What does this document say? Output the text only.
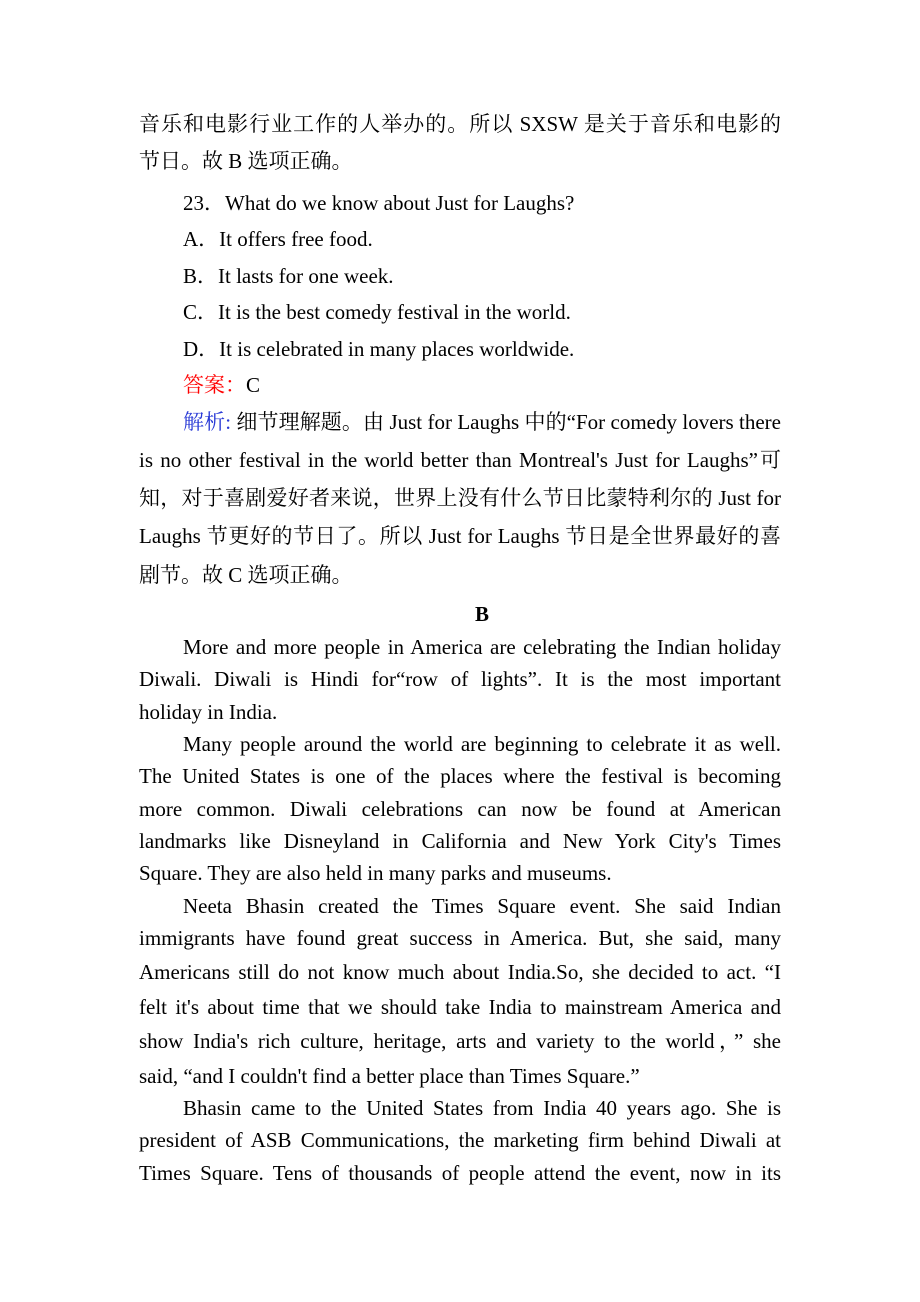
音乐和电影行业工作的人举办的。所以 SXSW 是关于音乐和电影的
节日。故 B 选项正确。
23．What do we know about Just for Laughs?
A．It offers free food.
B．It lasts for one week.
C．It is the best comedy festival in the world.
D．It is celebrated in many places worldwide.
答案：C
解析: 细节理解题。由 Just for Laughs 中的“For comedy lovers there
is no other festival in the world better than Montreal's Just for Laughs”可
知，对于喜剧爱好者来说，世界上没有什么节日比蒙特利尔的 Just for
Laughs 节更好的节日了。所以 Just for Laughs 节日是全世界最好的喜
剧节。故 C 选项正确。
B
More and more people in America are celebrating the Indian holiday
Diwali. Diwali is Hindi for“row of lights”. It is the most important
holiday in India.
Many people around the world are beginning to celebrate it as well.
The United States is one of the places where the festival is becoming
more common. Diwali celebrations can now be found at American
landmarks like Disneyland in California and New York City's Times
Square. They are also held in many parks and museums.
Neeta Bhasin created the Times Square event. She said Indian
immigrants have found great success in America. But, she said, many
Americans still do not know much about India.So, she decided to act. “I
felt it's about time that we should take India to mainstream America and
show India's rich culture, heritage, arts and variety to the world，” she
said, “and I couldn't find a better place than Times Square.”
Bhasin came to the United States from India 40 years ago. She is
president of ASB Communications, the marketing firm behind Diwali at
Times Square. Tens of thousands of people attend the event, now in its
